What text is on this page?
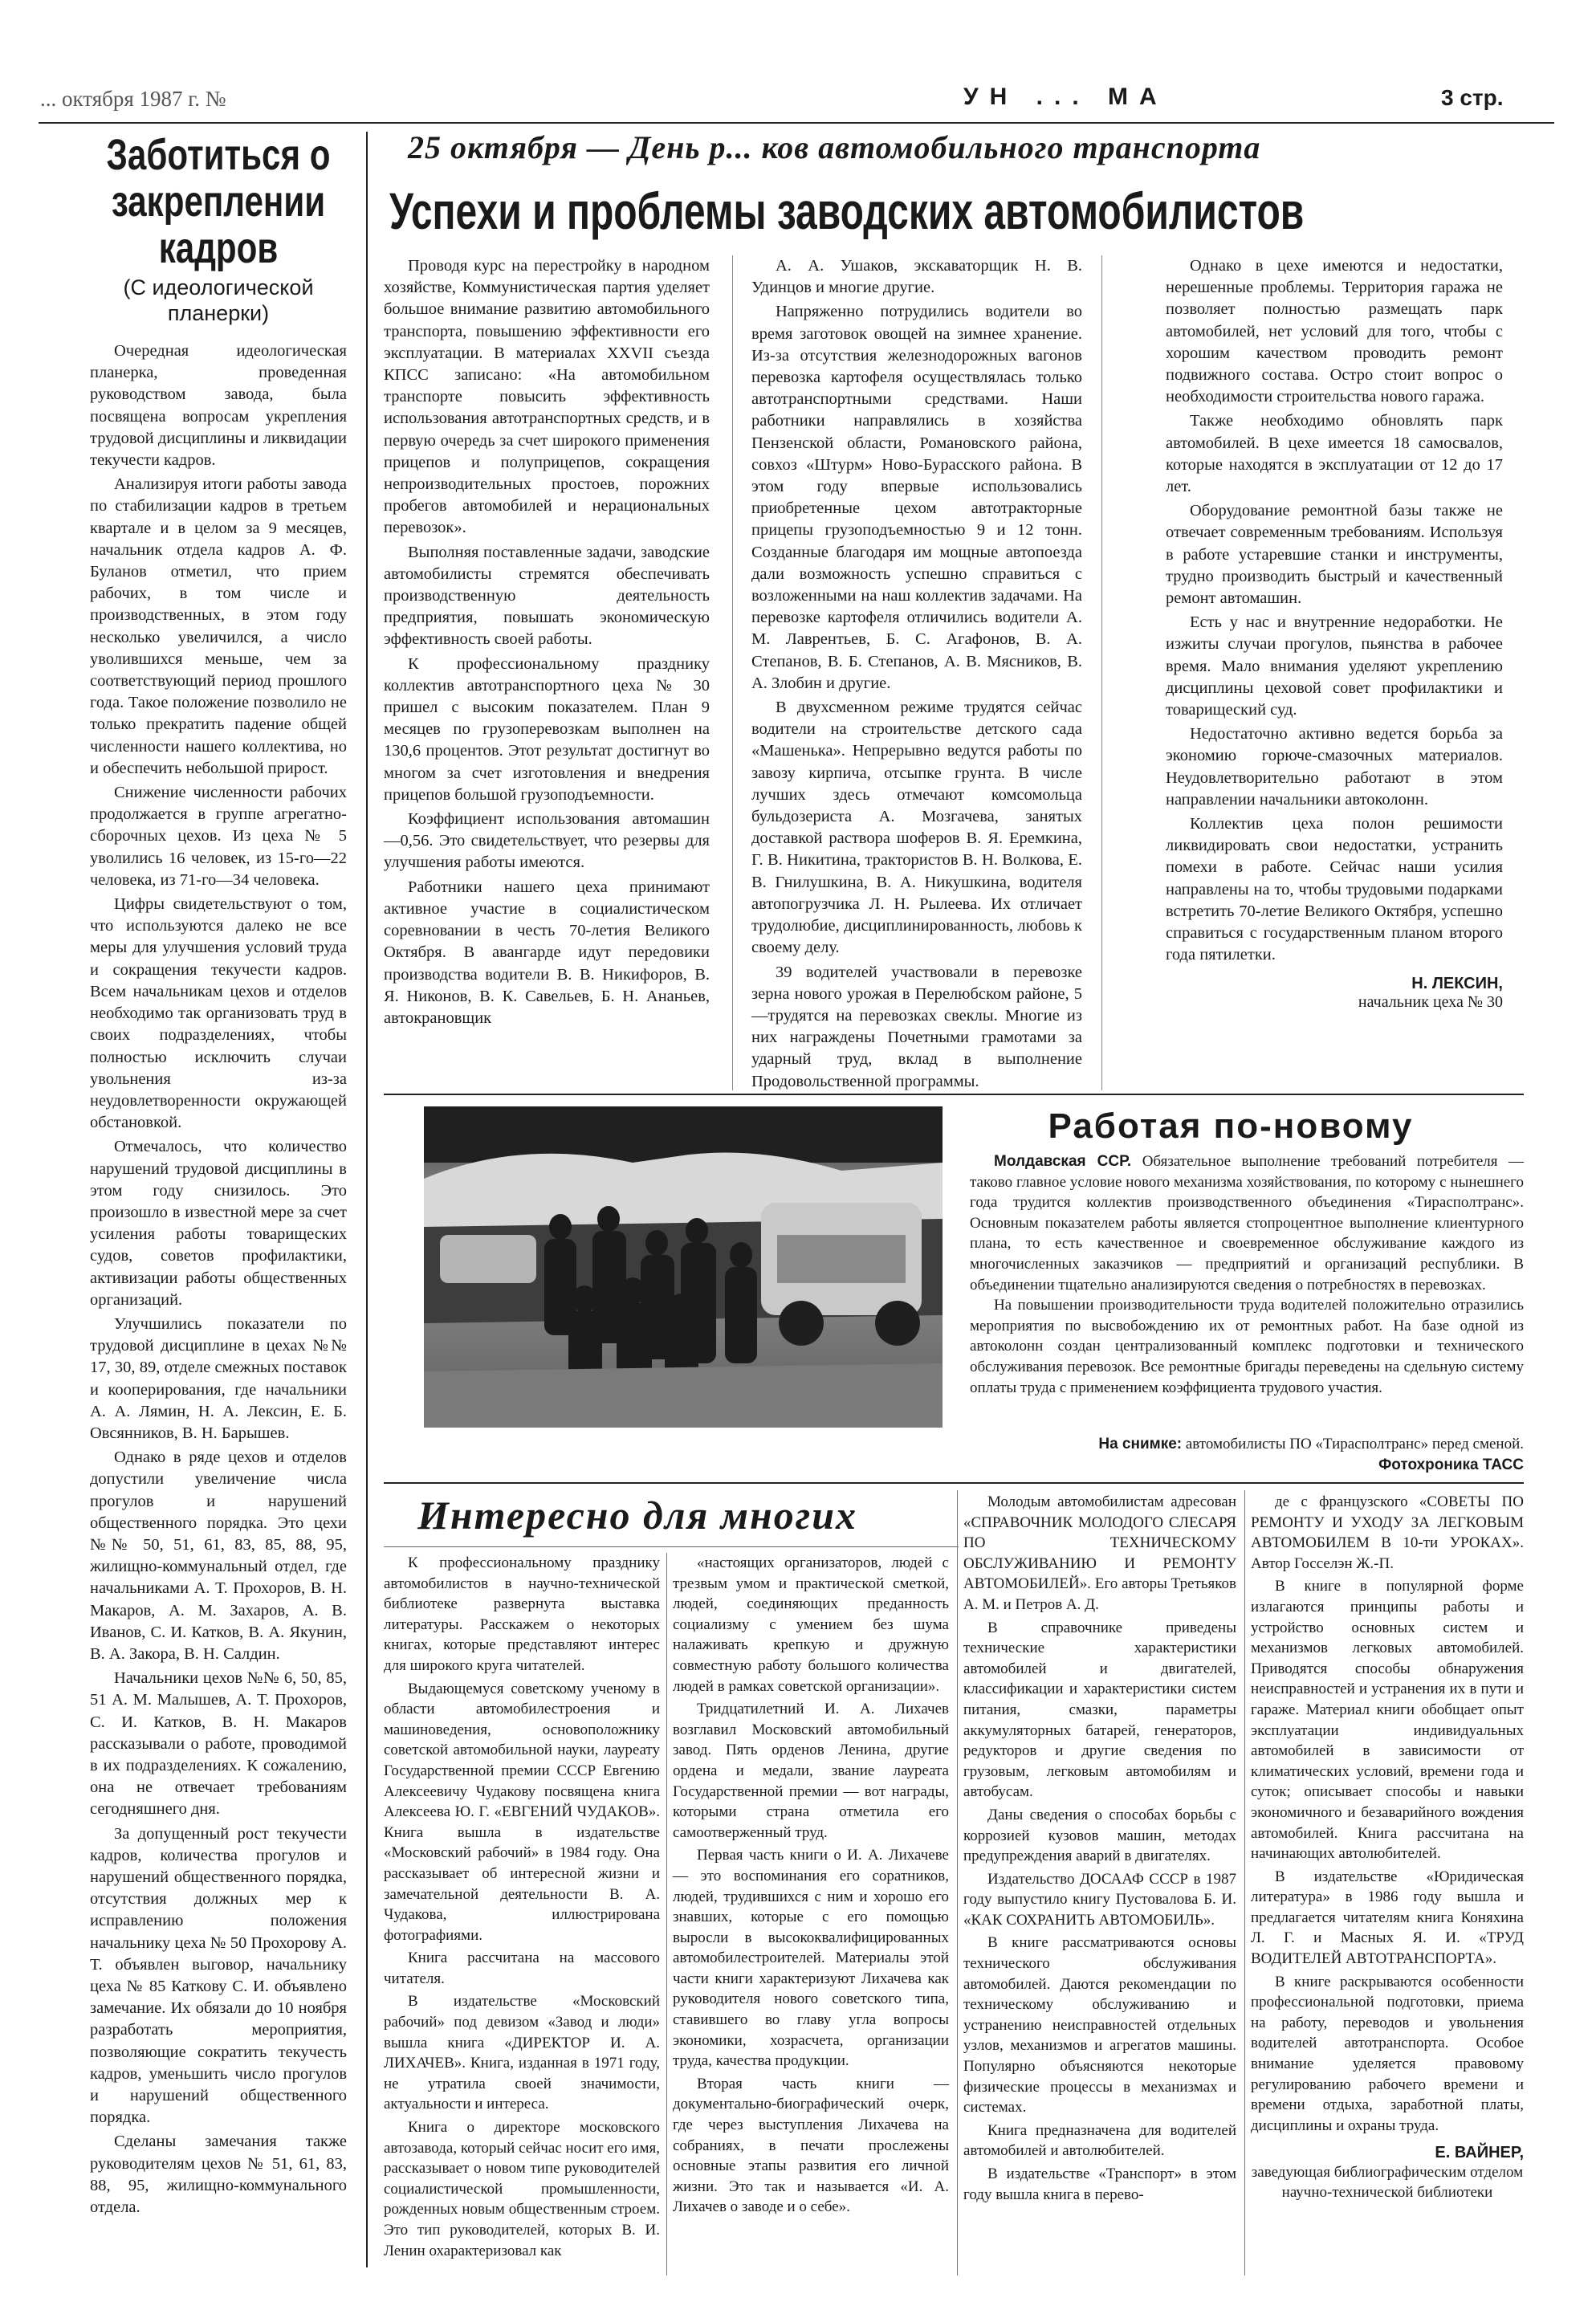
... октября 1987 г. №	УН ... МА	3 стр.
Заботиться о закреплении кадров
(С идеологической планерки)

Очередная идеологическая планерка, проведенная руководством завода, была посвящена вопросам укрепления трудовой дисциплины и ликвидации текучести кадров.

Анализируя итоги работы завода по стабилизации кадров в третьем квартале и в целом за 9 месяцев, начальник отдела кадров А. Ф. Буланов отметил, что прием рабочих, в том числе и производственных, в этом году несколько увеличился, а число уволившихся меньше, чем за соответствующий период прошлого года. Такое положение позволило не только прекратить падение общей численности нашего коллектива, но и обеспечить небольшой прирост.

Снижение численности рабочих продолжается в группе агрегатно-сборочных цехов. Из цеха № 5 уволились 16 человек, из 15-го—22 человека, из 71-го—34 человека.

Цифры свидетельствуют о том, что используются далеко не все меры для улучшения условий труда и сокращения текучести кадров. Всем начальникам цехов и отделов необходимо так организовать труд в своих подразделениях, чтобы полностью исключить случаи увольнения из-за неудовлетворенности окружающей обстановкой.

Отмечалось, что количество нарушений трудовой дисциплины в этом году снизилось. Это произошло в известной мере за счет усиления работы товарищеских судов, советов профилактики, активизации работы общественных организаций.

Улучшились показатели по трудовой дисциплине в цехах №№ 17, 30, 89, отделе смежных поставок и кооперирования, где начальники А. А. Лямин, Н. А. Лексин, Е. Б. Овсянников, В. Н. Барышев.

Однако в ряде цехов и отделов допустили увеличение числа прогулов и нарушений общественного порядка. Это цехи №№ 50, 51, 61, 83, 85, 88, 95, жилищно-коммунальный отдел, где начальниками А. Т. Прохоров, В. Н. Макаров, А. М. Захаров, А. В. Иванов, С. И. Катков, В. А. Якунин, В. А. Закора, В. Н. Салдин.

Начальники цехов №№ 6, 50, 85, 51 А. М. Малышев, А. Т. Прохоров, С. И. Катков, В. Н. Макаров рассказывали о работе, проводимой в их подразделениях. К сожалению, она не отвечает требованиям сегодняшнего дня.

За допущенный рост текучести кадров, количества прогулов и нарушений общественного порядка, отсутствия должных мер к исправлению положения начальнику цеха № 50 Прохорову А. Т. объявлен выговор, начальнику цеха № 85 Каткову С. И. объявлено замечание. Их обязали до 10 ноября разработать мероприятия, позволяющие сократить текучесть кадров, уменьшить число прогулов и нарушений общественного порядка.

Сделаны замечания также руководителям цехов № 51, 61, 83, 88, 95, жилищно-коммунального отдела.

25 октября — День р... ков автомобильного транспорта
Успехи и проблемы заводских автомобилистов

Проводя курс на перестройку в народном хозяйстве, Коммунистическая партия уделяет большое внимание развитию автомобильного транспорта, повышению эффективности его эксплуатации. В материалах XXVII съезда КПСС записано: «На автомобильном транспорте повысить эффективность использования автотранспортных средств, и в первую очередь за счет широкого применения прицепов и полуприцепов, сокращения непроизводительных простоев, порожних пробегов автомобилей и нерациональных перевозок».

Выполняя поставленные задачи, заводские автомобилисты стремятся обеспечивать производственную деятельность предприятия, повышать экономическую эффективность своей работы.

К профессиональному празднику коллектив автотранспортного цеха № 30 пришел с высоким показателем. План 9 месяцев по грузоперевозкам выполнен на 130,6 процентов. Этот результат достигнут во многом за счет изготовления и внедрения прицепов большой грузоподъемности.

Коэффициент использования автомашин—0,56. Это свидетельствует, что резервы для улучшения работы имеются.

Работники нашего цеха принимают активное участие в социалистическом соревновании в честь 70-летия Великого Октября. В авангарде идут передовики производства водители В. В. Никифоров, В. Я. Никонов, В. К. Савельев, Б. Н. Ананьев, автокрановщик

А. А. Ушаков, экскаваторщик Н. В. Удинцов и многие другие.

Напряженно потрудились водители во время заготовок овощей на зимнее хранение. Из-за отсутствия железнодорожных вагонов перевозка картофеля осуществлялась только автотранспортными средствами. Наши работники направлялись в хозяйства Пензенской области, Романовского района, совхоз «Штурм» Ново-Бурасского района. В этом году впервые использовались приобретенные цехом автотракторные прицепы грузоподъемностью 9 и 12 тонн. Созданные благодаря им мощные автопоезда дали возможность успешно справиться с возложенными на наш коллектив задачами. На перевозке картофеля отличились водители А. М. Лаврентьев, Б. С. Агафонов, В. А. Степанов, В. Б. Степанов, А. В. Мясников, В. А. Злобин и другие.

В двухсменном режиме трудятся сейчас водители на строительстве детского сада «Машенька». Непрерывно ведутся работы по завозу кирпича, отсыпке грунта. В числе лучших здесь отмечают комсомольца бульдозериста А. Мозгачева, занятых доставкой раствора шоферов В. Я. Еремкина, Г. В. Никитина, трактористов В. Н. Волкова, Е. В. Гнилушкина, В. А. Никушкина, водителя автопогрузчика Л. Н. Рылеева. Их отличает трудолюбие, дисциплинированность, любовь к своему делу.

39 водителей участвовали в перевозке зерна нового урожая в Перелюбском районе, 5—трудятся на перевозках свеклы. Многие из них награждены Почетными грамотами за ударный труд, вклад в выполнение Продовольственной программы.

Однако в цехе имеются и недостатки, нерешенные проблемы. Территория гаража не позволяет полностью размещать парк автомобилей, нет условий для того, чтобы с хорошим качеством проводить ремонт подвижного состава. Остро стоит вопрос о необходимости строительства нового гаража.

Также необходимо обновлять парк автомобилей. В цехе имеется 18 самосвалов, которые находятся в эксплуатации от 12 до 17 лет.

Оборудование ремонтной базы также не отвечает современным требованиям. Используя в работе устаревшие станки и инструменты, трудно производить быстрый и качественный ремонт автомашин.

Есть у нас и внутренние недоработки. Не изжиты случаи прогулов, пьянства в рабочее время. Мало внимания уделяют укреплению дисциплины цеховой совет профилактики и товарищеский суд.

Недостаточно активно ведется борьба за экономию горюче-смазочных материалов. Неудовлетворительно работают в этом направлении начальники автоколонн.

Коллектив цеха полон решимости ликвидировать свои недостатки, устранить помехи в работе. Сейчас наши усилия направлены на то, чтобы трудовыми подарками встретить 70-летие Великого Октября, успешно справиться с государственным планом второго года пятилетки.

Н. ЛЕКСИН,

начальник цеха № 30

Работая по-новому

Молдавская ССР. Обязательное выполнение требований потребителя — таково главное условие нового механизма хозяйствования, по которому с нынешнего года трудится коллектив производственного объединения «Тирасполтранс». Основным показателем работы является стопроцентное выполнение клиентурного плана, то есть качественное и своевременное обслуживание каждого из многочисленных заказчиков — предприятий и организаций республики. В объединении тщательно анализируются сведения о потребностях в перевозках.

На повышении производительности труда водителей положительно отразились мероприятия по высвобождению их от ремонтных работ. На базе одной из автоколонн создан централизованный комплекс подготовки и технического обслуживания перевозок. Все ремонтные бригады переведены на сдельную систему оплаты труда с применением коэффициента трудового участия.

На снимке: автомобилисты ПО «Тирасполтранс» перед сменой.
Фотохроника ТАСС
Интересно для многих

К профессиональному празднику автомобилистов в научно-технической библиотеке развернута выставка литературы. Расскажем о некоторых книгах, которые представляют интерес для широкого круга читателей.

Выдающемуся советскому ученому в области автомобилестроения и машиноведения, основоположнику советской автомобильной науки, лауреату Государственной премии СССР Евгению Алексеевичу Чудакову посвящена книга Алексеева Ю. Г. «ЕВГЕНИЙ ЧУДАКОВ». Книга вышла в издательстве «Московский рабочий» в 1984 году. Она рассказывает об интересной жизни и замечательной деятельности В. А. Чудакова, иллюстрирована фотографиями.

Книга рассчитана на массового читателя.

В издательстве «Московский рабочий» под девизом «Завод и люди» вышла книга «ДИРЕКТОР И. А. ЛИХАЧЕВ». Книга, изданная в 1971 году, не утратила своей значимости, актуальности и интереса.

Книга о директоре московского автозавода, который сейчас носит его имя, рассказывает о новом типе руководителей социалистической промышленности, рожденных новым общественным строем. Это тип руководителей, которых В. И. Ленин охарактеризовал как

«настоящих организаторов, людей с трезвым умом и практической сметкой, людей, соединяющих преданность социализму с умением без шума налаживать крепкую и дружную совместную работу большого количества людей в рамках советской организации».

Тридцатилетний И. А. Лихачев возглавил Московский автомобильный завод. Пять орденов Ленина, другие ордена и медали, звание лауреата Государственной премии — вот награды, которыми страна отметила его самоотверженный труд.

Первая часть книги о И. А. Лихачеве — это воспоминания его соратников, людей, трудившихся с ним и хорошо его знавших, которые с его помощью выросли в высококвалифицированных автомобилестроителей. Материалы этой части книги характеризуют Лихачева как руководителя нового советского типа, ставившего во главу угла вопросы экономики, хозрасчета, организации труда, качества продукции.

Вторая часть книги — документально-биографический очерк, где через выступления Лихачева на собраниях, в печати прослежены основные этапы развития его личной жизни. Это так и называется «И. А. Лихачев о заводе и о себе».

Молодым автомобилистам адресован «СПРАВОЧНИК МОЛОДОГО СЛЕСАРЯ ПО ТЕХНИЧЕСКОМУ ОБСЛУЖИВАНИЮ И РЕМОНТУ АВТОМОБИЛЕЙ». Его авторы Третьяков А. М. и Петров А. Д.

В справочнике приведены технические характеристики автомобилей и двигателей, классификации и характеристики систем питания, смазки, параметры аккумуляторных батарей, генераторов, редукторов и другие сведения по грузовым, легковым автомобилям и автобусам.

Даны сведения о способах борьбы с коррозией кузовов машин, методах предупреждения аварий в двигателях.

Издательство ДОСААФ СССР в 1987 году выпустило книгу Пустовалова Б. И. «КАК СОХРАНИТЬ АВТОМОБИЛЬ».

В книге рассматриваются основы технического обслуживания автомобилей. Даются рекомендации по техническому обслуживанию и устранению неисправностей отдельных узлов, механизмов и агрегатов машины. Популярно объясняются некоторые физические процессы в механизмах и системах.

Книга предназначена для водителей автомобилей и автолюбителей.

В издательстве «Транспорт» в этом году вышла книга в перево-

де с французского «СОВЕТЫ ПО РЕМОНТУ И УХОДУ ЗА ЛЕГКОВЫМ АВТОМОБИЛЕМ В 10-ти УРОКАХ». Автор Госселэн Ж.-П.

В книге в популярной форме излагаются принципы работы и устройство основных систем и механизмов легковых автомобилей. Приводятся способы обнаружения неисправностей и устранения их в пути и гараже. Материал книги обобщает опыт эксплуатации индивидуальных автомобилей в зависимости от климатических условий, времени года и суток; описывает способы и навыки экономичного и безаварийного вождения автомобилей. Книга рассчитана на начинающих автолюбителей.

В издательстве «Юридическая литература» в 1986 году вышла и предлагается читателям книга Коняхина Л. Г. и Масных Я. И. «ТРУД ВОДИТЕЛЕЙ АВТОТРАНСПОРТА».

В книге раскрываются особенности профессиональной подготовки, приема на работу, переводов и увольнения водителей автотранспорта. Особое внимание уделяется правовому регулированию рабочего времени и времени отдыха, заработной платы, дисциплины и охраны труда.

Е. ВАЙНЕР,

заведующая библиографическим отделом научно-технической библиотеки
